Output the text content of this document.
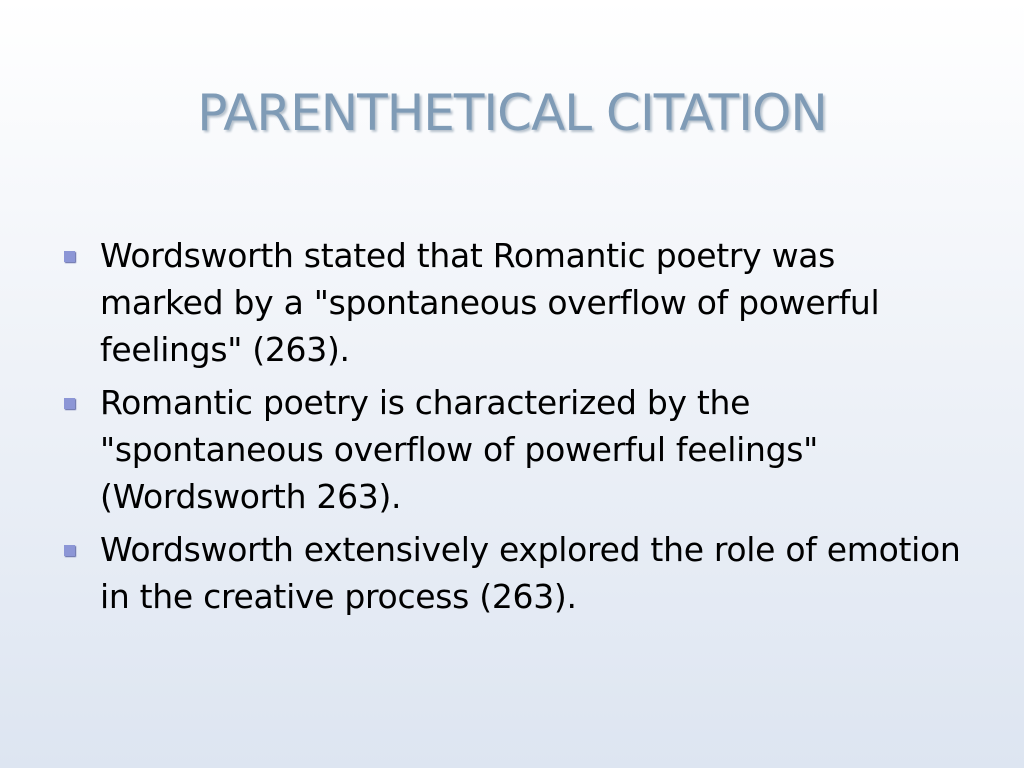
PARENTHETICAL CITATION
Wordsworth stated that Romantic poetry was marked by a "spontaneous overflow of powerful feelings" (263).
Romantic poetry is characterized by the "spontaneous overflow of powerful feelings" (Wordsworth 263).
Wordsworth extensively explored the role of emotion in the creative process (263).
